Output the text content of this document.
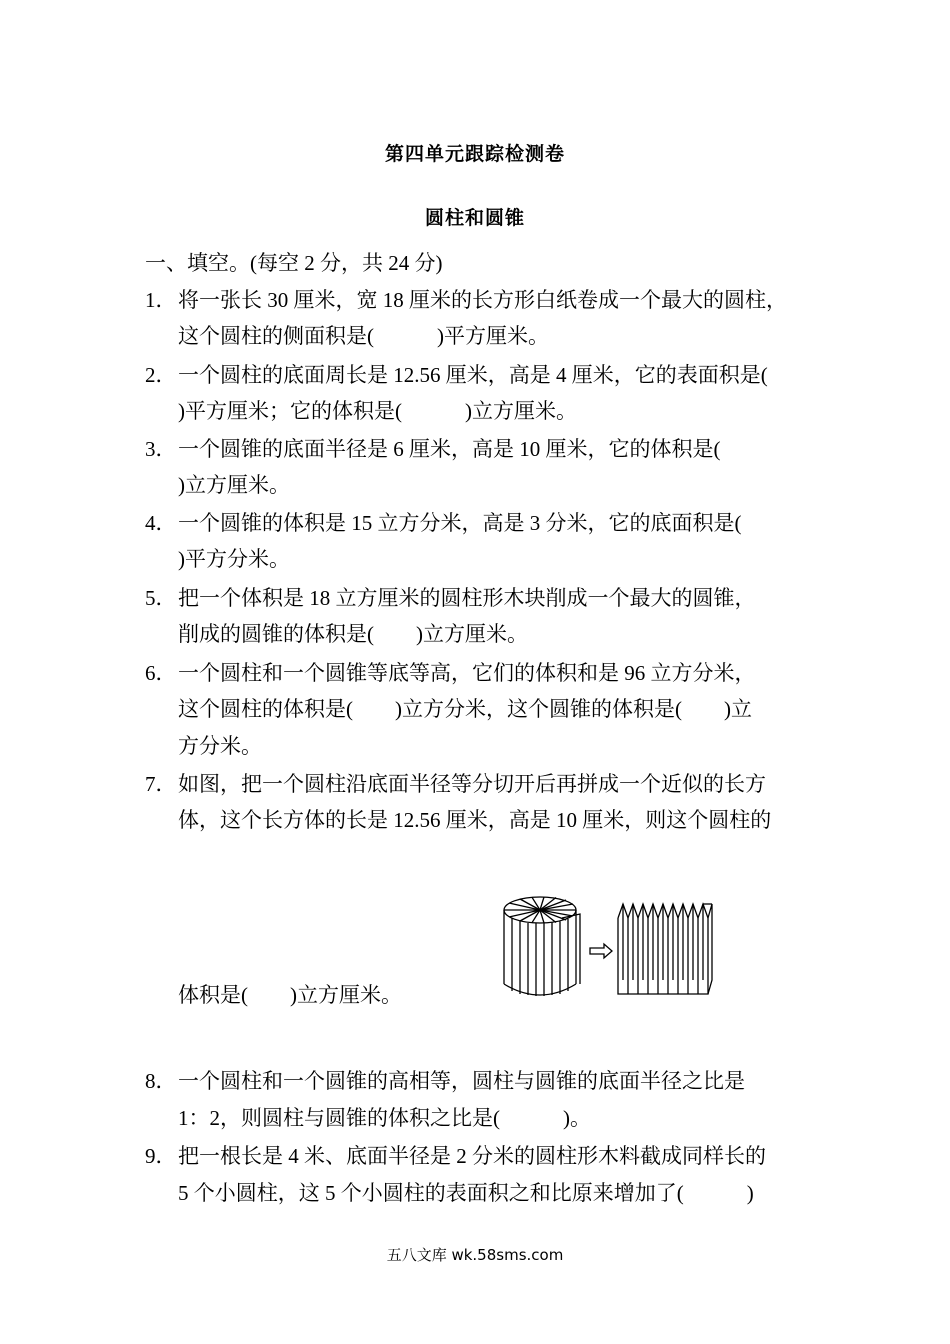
第四单元跟踪检测卷
圆柱和圆锥
一、填空。(每空 2 分，共 24 分)
1． 将一张长 30 厘米，宽 18 厘米的长方形白纸卷成一个最大的圆柱，
这个圆柱的侧面积是(　　　)平方厘米。
2． 一个圆柱的底面周长是 12.56 厘米，高是 4 厘米，它的表面积是(
)平方厘米；它的体积是(　　　)立方厘米。
3． 一个圆锥的底面半径是 6 厘米，高是 10 厘米，它的体积是(
)立方厘米。
4． 一个圆锥的体积是 15 立方分米，高是 3 分米，它的底面积是(
)平方分米。
5． 把一个体积是 18 立方厘米的圆柱形木块削成一个最大的圆锥，
削成的圆锥的体积是(　　)立方厘米。
6． 一个圆柱和一个圆锥等底等高，它们的体积和是 96 立方分米，
这个圆柱的体积是(　　)立方分米，这个圆锥的体积是(　　)立
方分米。
7． 如图，把一个圆柱沿底面半径等分切开后再拼成一个近似的长方
体，这个长方体的长是 12.56 厘米，高是 10 厘米，则这个圆柱的
体积是(　　)立方厘米。
8． 一个圆柱和一个圆锥的高相等，圆柱与圆锥的底面半径之比是
1：2，则圆柱与圆锥的体积之比是(　　　)。
9． 把一根长是 4 米、底面半径是 2 分米的圆柱形木料截成同样长的
5 个小圆柱，这 5 个小圆柱的表面积之和比原来增加了(　　　)
五八文库 wk.58sms.com
